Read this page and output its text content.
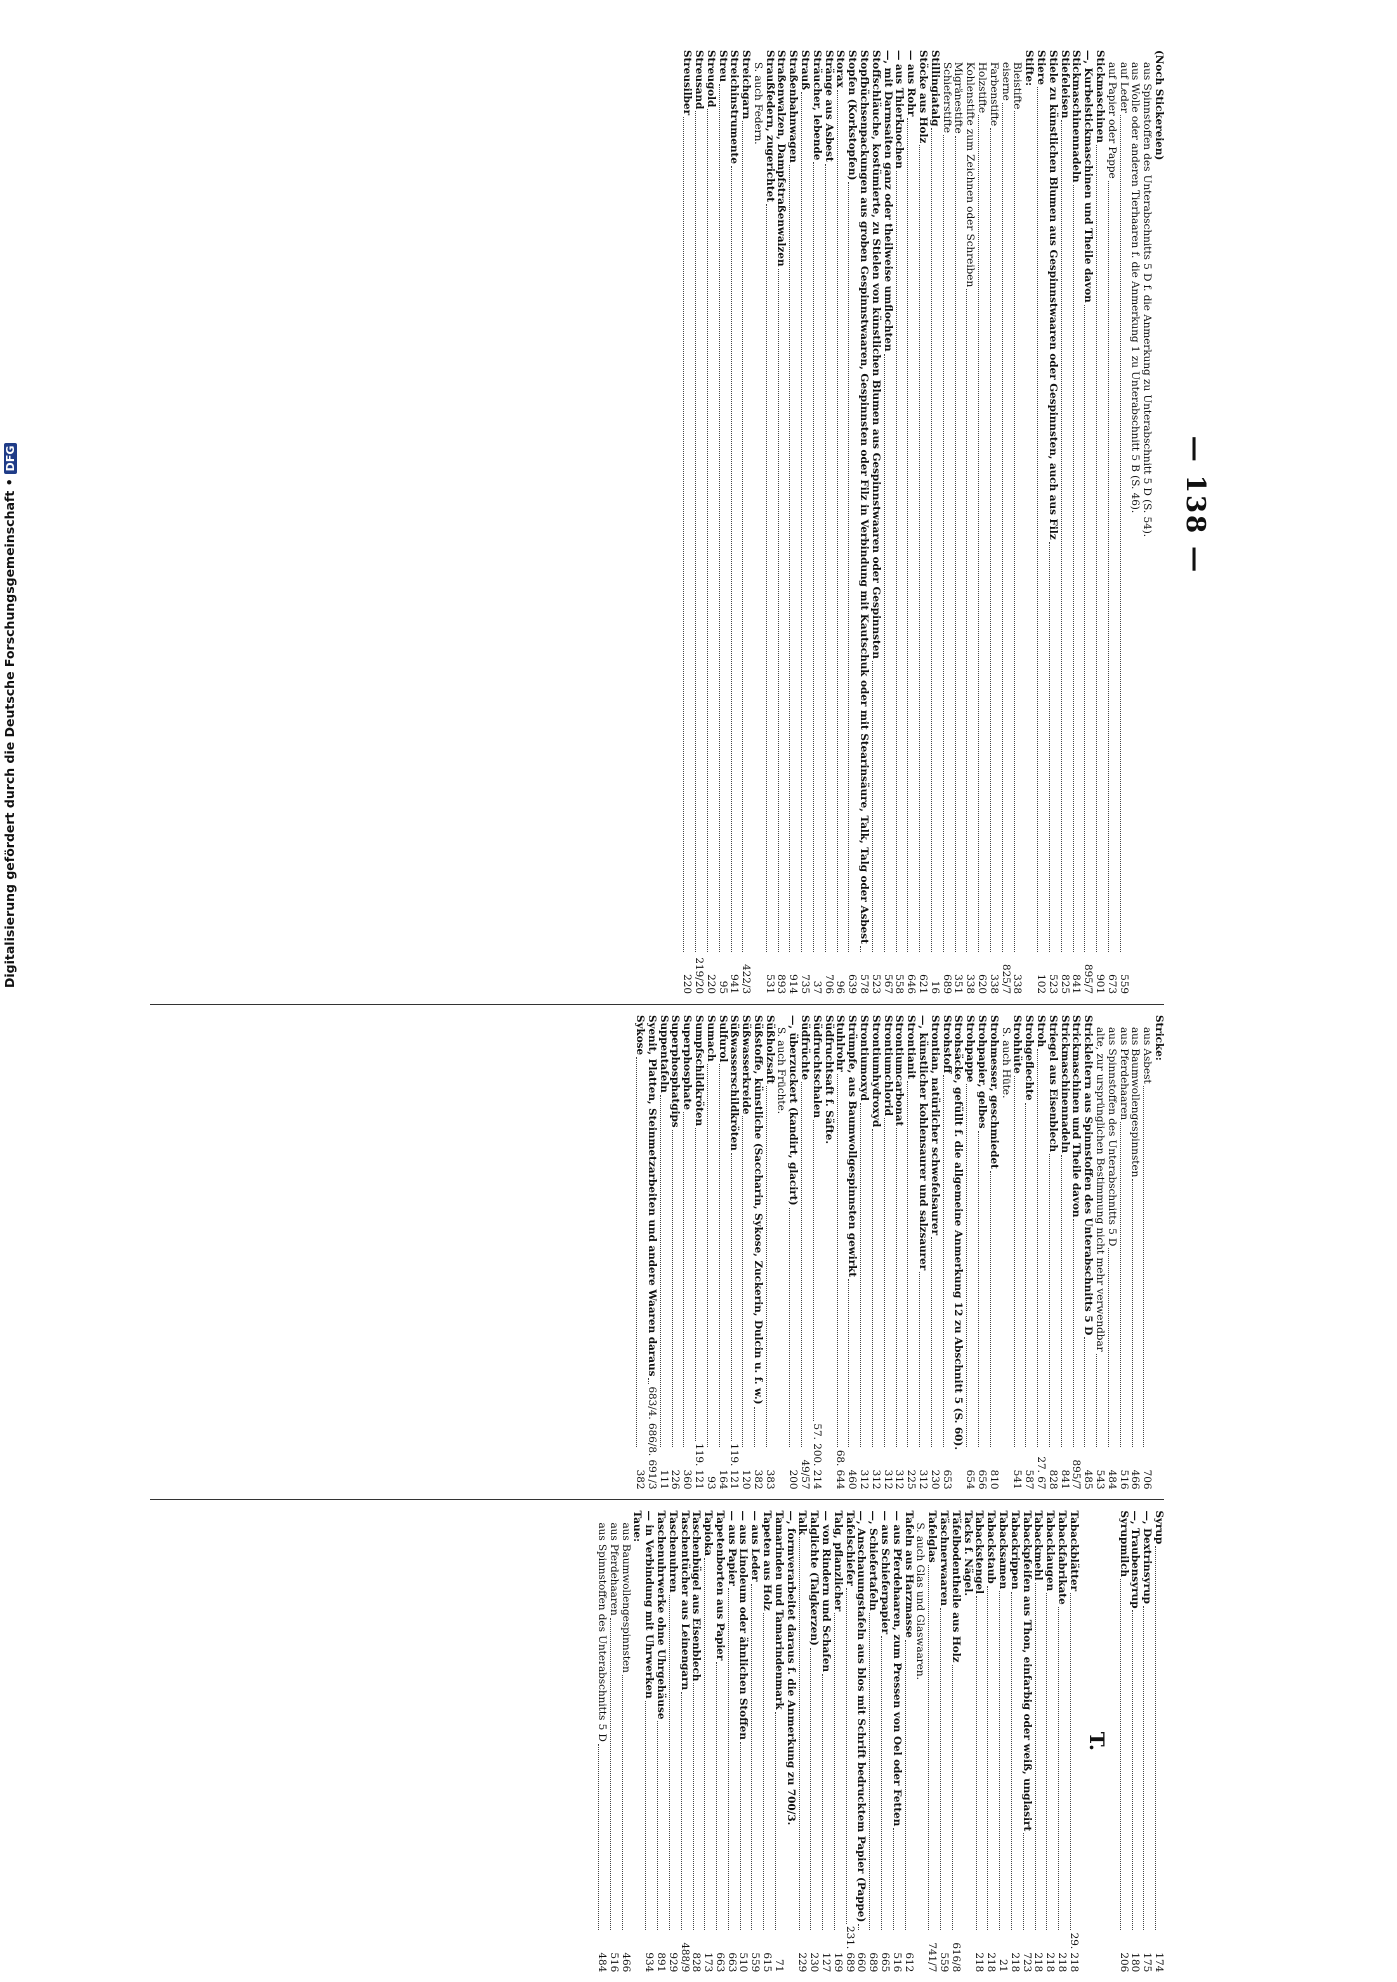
Digitalisierung gefördert durch die Deutsche Forschungsgemeinschaft •DFG	— 138 —
(Noch Stickereien)
aus Spinnstoffen des Unterabschnitts 5 D f. die Anmerkung zu Unterabschnitt 5 D (S. 54).
aus Wolle oder anderen Tierhaaren f. die Anmerkung 1 zu Unterabschnitt 5 B (S. 46).
auf Leder
559
auf Papier oder Pappe
673
Stickmaschinen
901
—, Kurbelstickmaschinen und Theile davon
895/7
Stickmaschinennadeln
841
Stiefeleisen
825
Stiele zu künstlichen Blumen aus Gespinnstwaaren oder Gespinnsten, auch aus Filz
523
Stiere
102
Stifte:
Bleistifte
338
eiserne
825/7
Farbenstifte
338
Holzstifte
620
Kohlenstifte zum Zeichnen oder Schreiben
338
Migränestifte
351
Schieferstifte
689
Stillingiatalg
16
Stöcke aus Holz
621
— aus Rohr
646
— aus Thierknochen
558
—, mit Darmsaiten ganz oder theilweise umflochten
567
Stoffschläuche, kostümierte, zu Stielen von künstlichen Blumen aus Gespinnstwaaren oder Gespinnsten
523
Stopfbüchsenpackungen aus groben Gespinnstwaaren, Gespinnsten oder Filz in Verbindung mit Kautschuk oder mit Stearinsäure, Talk, Talg oder Asbest
578
Stopfen (Korkstopfen)
639
Storax
96
Stränge aus Asbest
706
Sträucher, lebende
37
Strauß
735
Straßenbahnwagen
914
Straßenwalzen, Dampfstraßenwalzen
893
Straußfedern, zugerichtet
531
S. auch Federn.
Streichgarn
422/3
Streichinstrumente
941
Streu
95
Streugold
220
Streusand
219/20
Streusilber
220
Stricke:
aus Asbest
706
aus Baumwollengespinnsten
466
aus Pferdehaaren
516
aus Spinnstoffen des Unterabschnitts 5 D
484
alte, zur ursprünglichen Bestimmung nicht mehr verwendbar
543
Strickleitern aus Spinnstoffen des Unterabschnitts 5 D
485
Strickmaschinen und Theile davon
895/7
Strickmaschinennadeln
841
Striegel aus Eisenblech
828
Stroh
27. 67
Strohgeflechte
587
Strohhüte
541
S. auch Hüte.
Strohmesser, geschmiedet
810
Strohpapier, gelbes
656
Strohpappe
654
Strohsäcke, gefüllt f. die allgemeine Anmerkung 12 zu Abschnitt 5 (S. 60).
Strohstoff
653
Strontian, natürlicher schwefelsaurer
230
—, künstlicher kohlensaurer und salzsaurer
312
Strontianit
225
Strontiumcarbonat
312
Strontiumchlorid
312
Strontiumhydroxyd
312
Strontiumoxyd
312
Strümpfe, aus Baumwollgespinnsten gewirkt
460
Stuhlrohr
68. 644
Südfruchtsaft f. Säfte.
Südfruchtschalen
57. 200. 214
Südfrüchte
49/57
—, überzuckert (kandirt, glacirt)
200
S. auch Früchte.
Süßholzsaft
383
Süßstoffe, künstliche (Saccharin, Sykose, Zuckerin, Dulcin u. f. w.)
382
Süßwasserkreide
120
Süßwasserschildkröten
119. 121
Sulfurol
164
Sumach
93
Sumpfschildkröten
119. 121
Superphosphate
360
Superphosphatgips
226
Suppentafeln
111
Syenit, Platten, Steinmetzarbeiten und andere Waaren daraus
683/4. 686/8. 691/3
Sykose
382
Syrup
174
—, Dextrinsyrup
175
—, Traubensyrup
180
Syrupmilch
206
T.
Tabackblätter
29. 218
Tabackfabrikate
218
Tabacklaugen
218
Tabackmehl
218
Tabackpfeifen aus Thon, einfarbig oder weiß, unglasirt
723
Tabackrippen
218
Tabacksamen
21
Tabackstaub
218
Tabackstengel
218
Tacks f. Nägel.
Täfelbodentheile aus Holz
616/8
Täschnerwaaren
559
Tafelglas
741/7
S. auch Glas und Glaswaaren.
Tafeln aus Harzmasse
612
— aus Pferdehaaren, zum Pressen von Oel oder Fetten
516
— aus Schieferpapier
665
—, Schiefertafeln
689
—, Anschauungstafeln aus blos mit Schrift bedrucktem Papier (Pappe)
660
Tafelschiefer
231. 689
Talg, pflanzlicher
169
— von Rindern und Schafen
127
Talglichte (Talgkerzen)
230
Talk
229
—, formverarbeitet daraus f. die Anmerkung zu 700/3.
Tamarinden und Tamarindenmark
71
Tapeten aus Holz
615
— aus Leder
559
— aus Linoleum oder ähnlichen Stoffen
510
— aus Papier
663
Tapetenborten aus Papier
663
Tapioka
173
Taschenbügel aus Eisenblech
828
Taschentücher aus Leinengarn
488/9
Taschenuhren
929
Taschenuhrwerke ohne Uhrgehäuse
891
— in Verbindung mit Uhrwerken
934
Taue:
aus Baumwollengespinnsten
466
aus Pferdehaaren
516
aus Spinnstoffen des Unterabschnitts 5 D
484
